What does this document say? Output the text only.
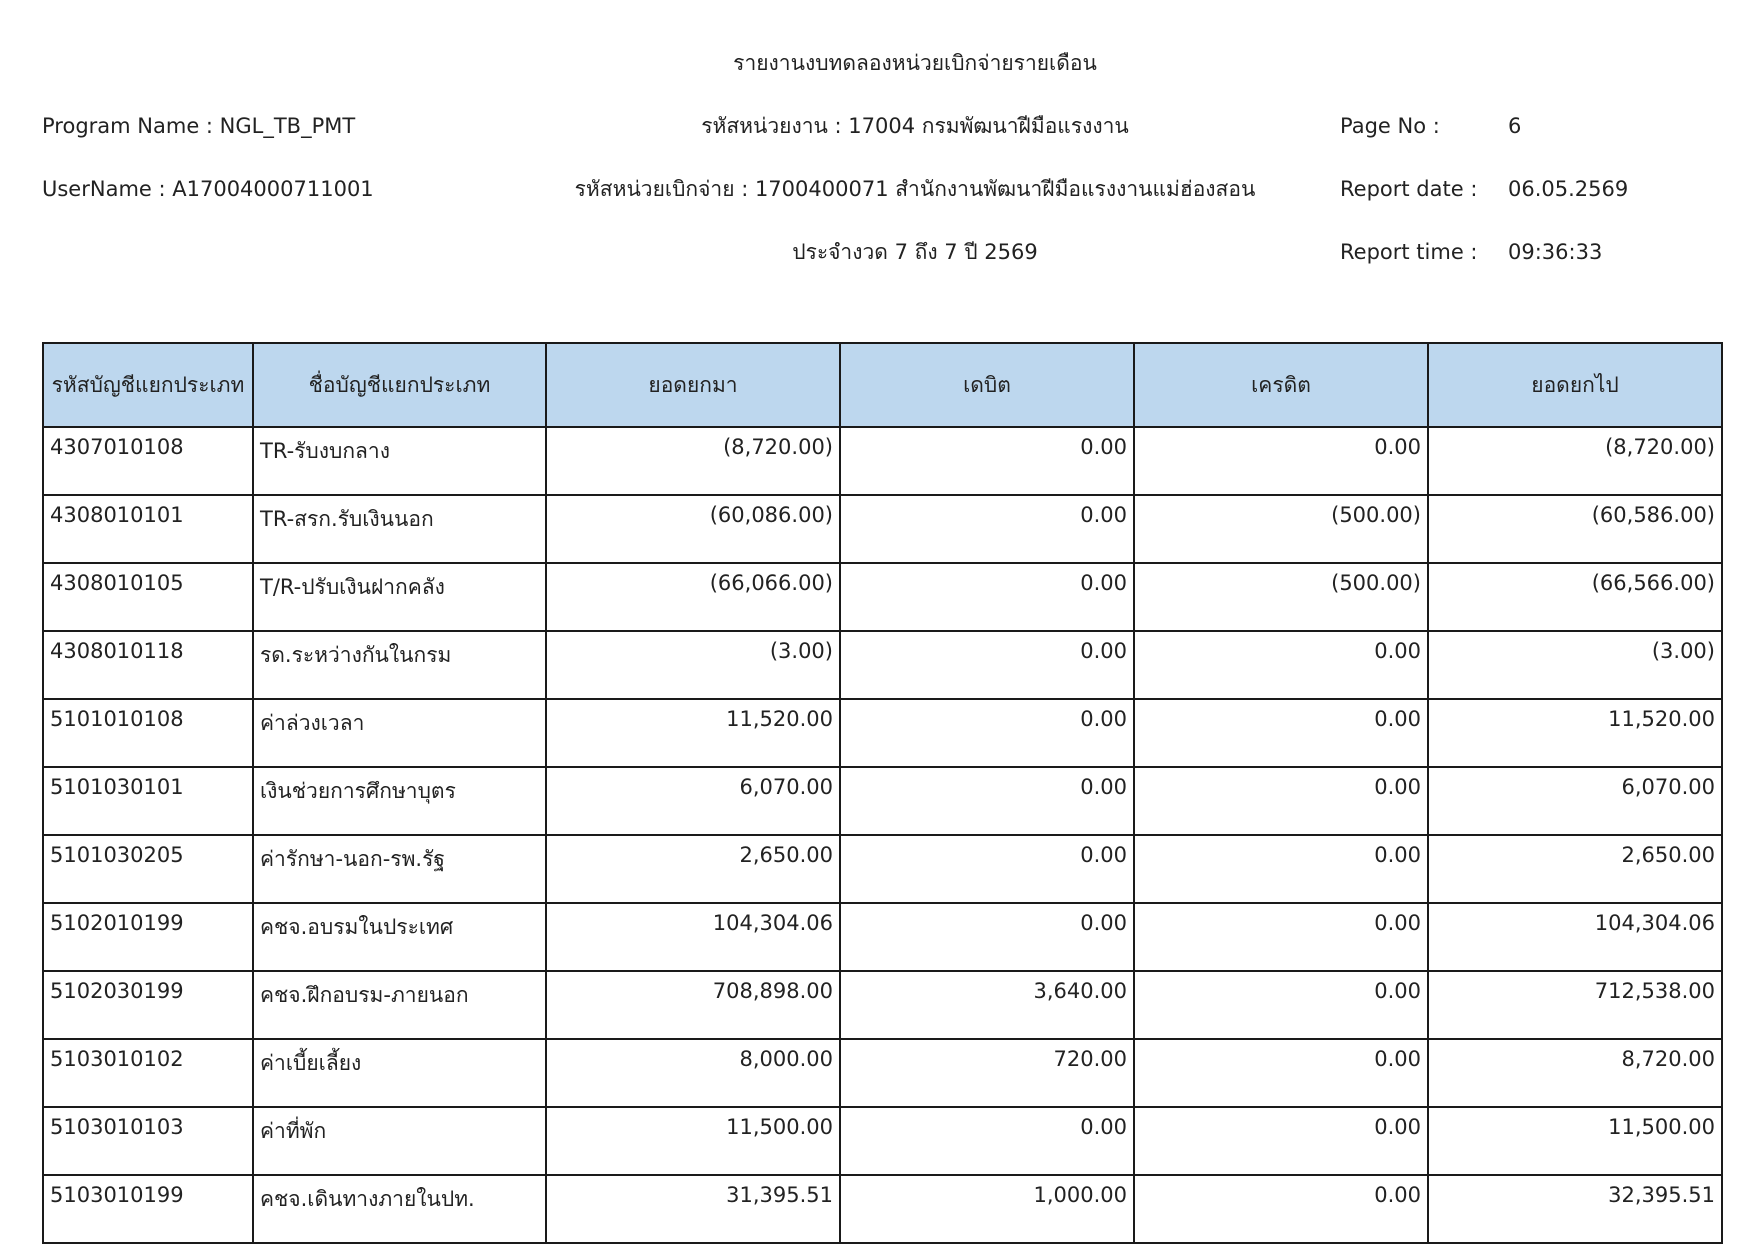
รายงานงบทดลองหน่วยเบิกจ่ายรายเดือน
Program Name : NGL_TB_PMT	รหัสหน่วยงาน : 17004 กรมพัฒนาฝีมือแรงงาน	Page No :	6
UserName : A17004000711001	รหัสหน่วยเบิกจ่าย : 1700400071 สำนักงานพัฒนาฝีมือแรงงานแม่ฮ่องสอน	Report date : 06.05.2569
ประจำงวด 7 ถึง 7 ปี 2569	Report time : 09:36:33
รหัสบัญชีแยกประเภท	ชื่อบัญชีแยกประเภท	ยอดยกมา	เดบิต	เครดิต	ยอดยกไป
4307010108	TR-รับงบกลาง	(8,720.00)	0.00	0.00	(8,720.00)
4308010101	TR-สรก.รับเงินนอก	(60,086.00)	0.00	(500.00)	(60,586.00)
4308010105	T/R-ปรับเงินฝากคลัง	(66,066.00)	0.00	(500.00)	(66,566.00)
4308010118	รด.ระหว่างกันในกรม	(3.00)	0.00	0.00	(3.00)
5101010108	ค่าล่วงเวลา	11,520.00	0.00	0.00	11,520.00
5101030101	เงินช่วยการศึกษาบุตร	6,070.00	0.00	0.00	6,070.00
5101030205	ค่ารักษา-นอก-รพ.รัฐ	2,650.00	0.00	0.00	2,650.00
5102010199	คชจ.อบรมในประเทศ	104,304.06	0.00	0.00	104,304.06
5102030199	คชจ.ฝึกอบรม-ภายนอก	708,898.00	3,640.00	0.00	712,538.00
5103010102	ค่าเบี้ยเลี้ยง	8,000.00	720.00	0.00	8,720.00
5103010103	ค่าที่พัก	11,500.00	0.00	0.00	11,500.00
5103010199	คชจ.เดินทางภายในปท.	31,395.51	1,000.00	0.00	32,395.51
